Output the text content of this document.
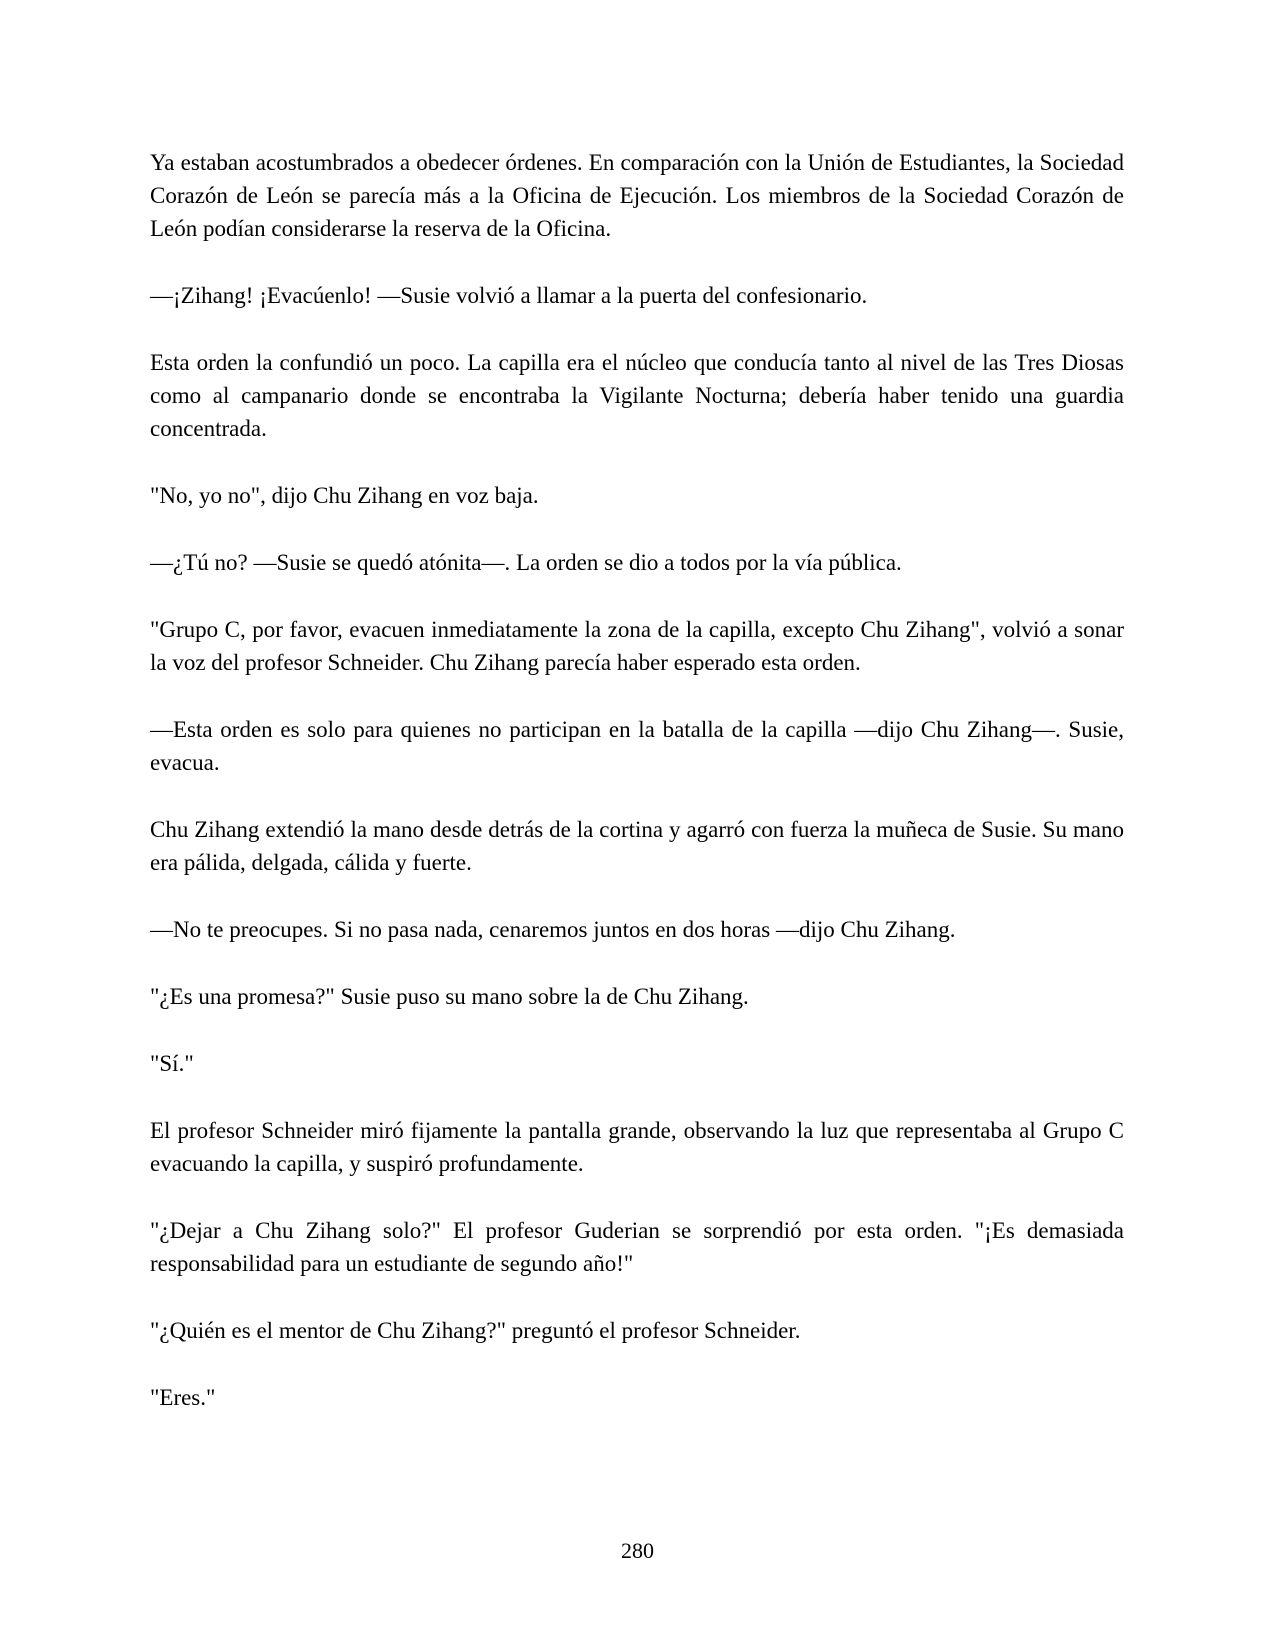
Ya estaban acostumbrados a obedecer órdenes. En comparación con la Unión de Estudiantes, la Sociedad Corazón de León se parecía más a la Oficina de Ejecución. Los miembros de la Sociedad Corazón de León podían considerarse la reserva de la Oficina.

—¡Zihang! ¡Evacúenlo! —Susie volvió a llamar a la puerta del confesionario.

Esta orden la confundió un poco. La capilla era el núcleo que conducía tanto al nivel de las Tres Diosas como al campanario donde se encontraba la Vigilante Nocturna; debería haber tenido una guardia concentrada.

"No, yo no", dijo Chu Zihang en voz baja.

—¿Tú no? —Susie se quedó atónita—. La orden se dio a todos por la vía pública.

"Grupo C, por favor, evacuen inmediatamente la zona de la capilla, excepto Chu Zihang", volvió a sonar la voz del profesor Schneider. Chu Zihang parecía haber esperado esta orden.

—Esta orden es solo para quienes no participan en la batalla de la capilla —dijo Chu Zihang—. Susie, evacua.

Chu Zihang extendió la mano desde detrás de la cortina y agarró con fuerza la muñeca de Susie. Su mano era pálida, delgada, cálida y fuerte.

—No te preocupes. Si no pasa nada, cenaremos juntos en dos horas —dijo Chu Zihang.

"¿Es una promesa?" Susie puso su mano sobre la de Chu Zihang.

"Sí."

El profesor Schneider miró fijamente la pantalla grande, observando la luz que representaba al Grupo C evacuando la capilla, y suspiró profundamente.

"¿Dejar a Chu Zihang solo?" El profesor Guderian se sorprendió por esta orden. "¡Es demasiada responsabilidad para un estudiante de segundo año!"

"¿Quién es el mentor de Chu Zihang?" preguntó el profesor Schneider.

"Eres."

280
